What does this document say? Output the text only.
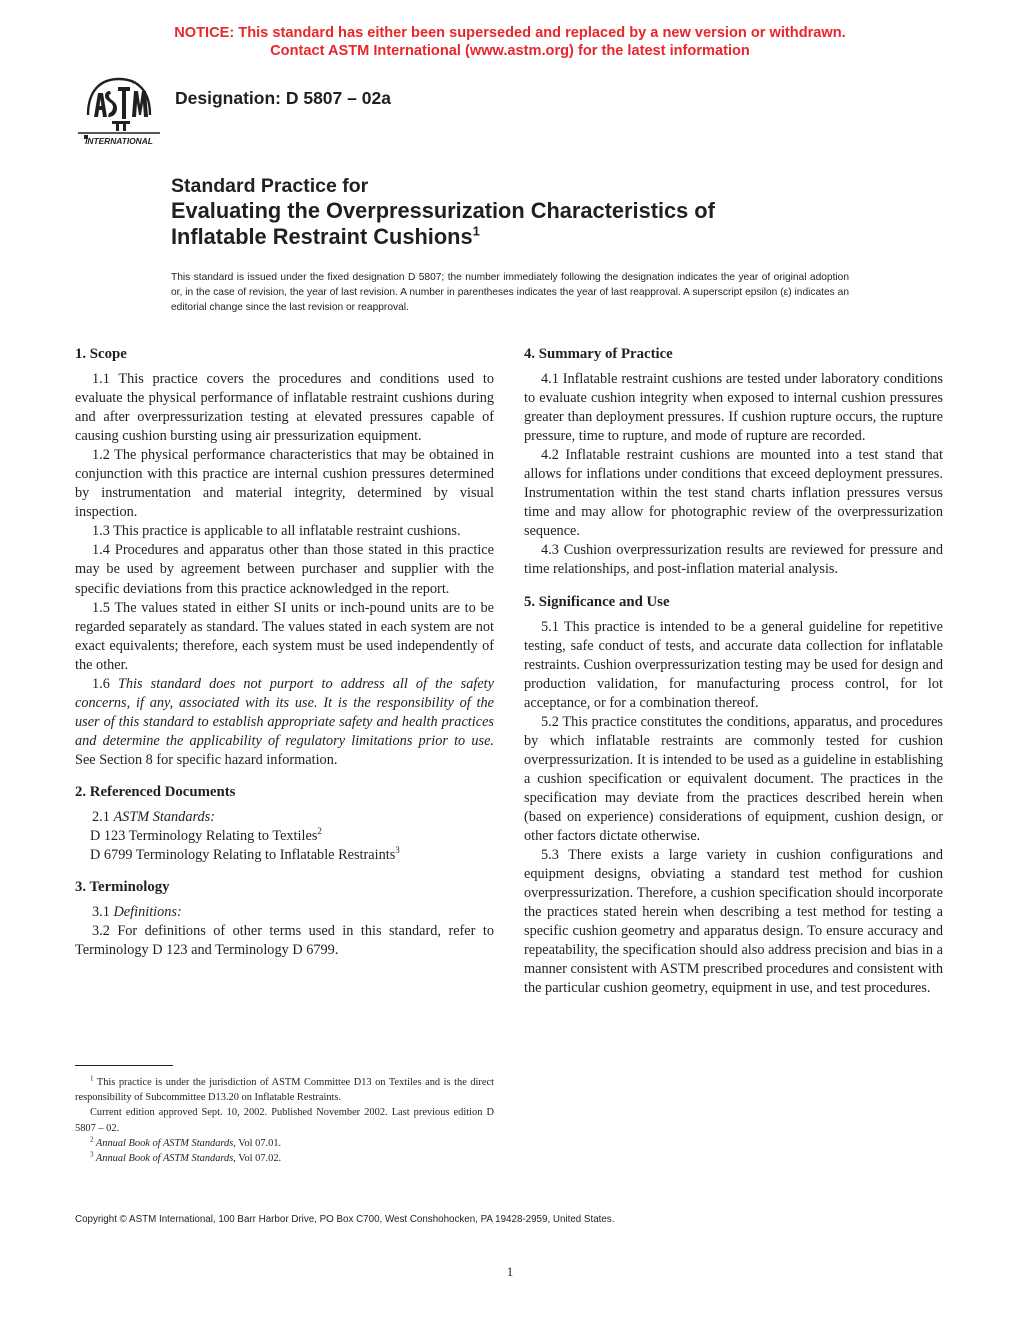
NOTICE: This standard has either been superseded and replaced by a new version or withdrawn.
Contact ASTM International (www.astm.org) for the latest information
INTERNATIONAL
Designation: D 5807 – 02a
Standard Practice for
Evaluating the Overpressurization Characteristics of
Inflatable Restraint Cushions$^1$
This standard is issued under the fixed designation D 5807; the number immediately following the designation indicates the year of original adoption or, in the case of revision, the year of last revision. A number in parentheses indicates the year of last reapproval. A superscript epsilon (ε) indicates an editorial change since the last revision or reapproval.
1. Scope

1.1 This practice covers the procedures and conditions used to evaluate the physical performance of inflatable restraint cushions during and after overpressurization testing at elevated pressures capable of causing cushion bursting using air pressurization equipment.

1.2 The physical performance characteristics that may be obtained in conjunction with this practice are internal cushion pressures determined by instrumentation and material integrity, determined by visual inspection.

1.3 This practice is applicable to all inflatable restraint cushions.

1.4 Procedures and apparatus other than those stated in this practice may be used by agreement between purchaser and supplier with the specific deviations from this practice acknowledged in the report.

1.5 The values stated in either SI units or inch-pound units are to be regarded separately as standard. The values stated in each system are not exact equivalents; therefore, each system must be used independently of the other.

1.6 This standard does not purport to address all of the safety concerns, if any, associated with its use. It is the responsibility of the user of this standard to establish appropriate safety and health practices and determine the applicability of regulatory limitations prior to use. See Section 8 for specific hazard information.

2. Referenced Documents

2.1 ASTM Standards:

D 123 Terminology Relating to Textiles$^2$
D 6799 Terminology Relating to Inflatable Restraints$^3$
3. Terminology

3.1 Definitions:

3.2 For definitions of other terms used in this standard, refer to Terminology D 123 and Terminology D 6799.

4. Summary of Practice

4.1 Inflatable restraint cushions are tested under laboratory conditions to evaluate cushion integrity when exposed to internal cushion pressures greater than deployment pressures. If cushion rupture occurs, the rupture pressure, time to rupture, and mode of rupture are recorded.

4.2 Inflatable restraint cushions are mounted into a test stand that allows for inflations under conditions that exceed deployment pressures. Instrumentation within the test stand charts inflation pressures versus time and may allow for photographic review of the overpressurization sequence.

4.3 Cushion overpressurization results are reviewed for pressure and time relationships, and post-inflation material analysis.

5. Significance and Use

5.1 This practice is intended to be a general guideline for repetitive testing, safe conduct of tests, and accurate data collection for inflatable restraints. Cushion overpressurization testing may be used for design and production validation, for manufacturing process control, for lot acceptance, or for a combination thereof.

5.2 This practice constitutes the conditions, apparatus, and procedures by which inflatable restraints are commonly tested for cushion overpressurization. It is intended to be used as a guideline in establishing a cushion specification or equivalent document. The practices in the specification may deviate from the practices described herein when (based on experience) considerations of equipment, cushion design, or other factors dictate otherwise.

5.3 There exists a large variety in cushion configurations and equipment designs, obviating a standard test method for cushion overpressurization. Therefore, a cushion specification should incorporate the practices stated herein when describing a test method for testing a specific cushion geometry and apparatus design. To ensure accuracy and repeatability, the specification should also address precision and bias in a manner consistent with ASTM prescribed procedures and consistent with the particular cushion geometry, equipment in use, and test procedures.

$^1$ This practice is under the jurisdiction of ASTM Committee D13 on Textiles and is the direct responsibility of Subcommittee D13.20 on Inflatable Restraints.

Current edition approved Sept. 10, 2002. Published November 2002. Last previous edition D 5807 – 02.

$^2$ Annual Book of ASTM Standards, Vol 07.01.

$^3$ Annual Book of ASTM Standards, Vol 07.02.

Copyright © ASTM International, 100 Barr Harbor Drive, PO Box C700, West Conshohocken, PA 19428-2959, United States.
1
